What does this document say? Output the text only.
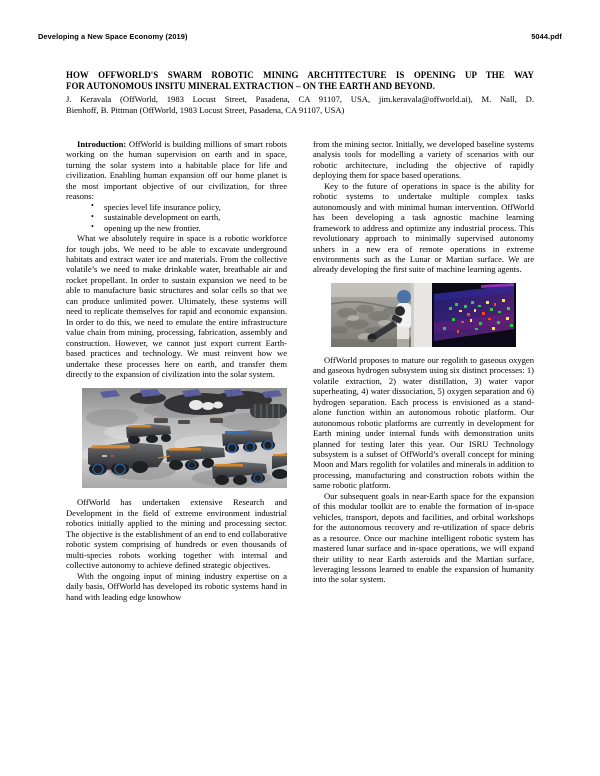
Developing a New Space Economy (2019)	5044.pdf
HOW OFFWORLD'S SWARM ROBOTIC MINING ARCHTITECTURE IS OPENING UP THE WAY
FOR AUTONOMOUS INSITU MINERAL EXTRACTION – ON THE EARTH AND BEYOND.
J. Keravala (OffWorld, 1983 Locust Street, Pasadena, CA 91107, USA, jim.keravala@offworld.ai), M. Nall, D.
Bienhoff, B. Pittman (OffWorld, 1983 Locust Street, Pasadena, CA 91107, USA)

Introduction: OffWorld is building millions of smart robots working on the human supervision on earth and in space, turning the solar system into a habitable place for life and civilization. Enabling human expansion off our home planet is the most important objective of our civilization, for three reasons:

• species level life insurance policy,
• sustainable development on earth,
• opening up the new frontier.

What we absolutely require in space is a robotic workforce for tough jobs. We need to be able to excavate underground habitats and extract water ice and materials. From the collective volatile’s we need to make drinkable water, breathable air and rocket propellant. In order to sustain expansion we need to be able to manufacture basic structures and solar cells so that we can produce unlimited power. Ultimately, these systems will need to replicate themselves for rapid and economic expansion. In order to do this, we need to emulate the entire infrastructure value chain from mining, processing, fabrication, assembly and construction. However, we cannot just export current Earth-based practices and technology. We must reinvent how we undertake these processes here on earth, and transfer them directly to the expansion of civilization into the solar system.

OffWorld has undertaken extensive Research and Development in the field of extreme environment industrial robotics initially applied to the mining and processing sector. The objective is the establishment of an end to end collaborative robotic system comprising of hundreds or even thousands of multi-species robots working together with internal and collective autonomy to achieve defined strategic objectives.

With the ongoing input of mining industry expertise on a daily basis, OffWorld has developed its robotic systems hand in hand with leading edge knowhow

from the mining sector. Initially, we developed baseline systems analysis tools for modelling a variety of scenarios with our robotic architecture, including the objective of rapidly deploying them for space based operations.

Key to the future of operations in space is the ability for robotic systems to undertake multiple complex tasks autonomously and with minimal human intervention. OffWorld has been developing a task agnostic machine learning framework to address and optimize any industrial process. This revolutionary approach to minimally supervised autonomy ushers in a new era of remote operations in extreme environments such as the Lunar or Martian surface. We are already developing the first suite of machine learning agents.

OffWorld proposes to mature our regolith to gaseous oxygen and gaseous hydrogen subsystem using six distinct processes: 1) volatile extraction, 2) water distillation, 3) water vapor superheating, 4) water dissociation, 5) oxygen separation and 6) hydrogen separation. Each process is envisioned as a stand-alone function within an autonomous robotic platform. Our autonomous robotic platforms are currently in development for Earth mining under internal funds with demonstration units planned for testing later this year. Our ISRU Technology subsystem is a subset of OffWorld’s overall concept for mining Moon and Mars regolith for volatiles and minerals in addition to processing, manufacturing and construction robots within the same robotic platform.

Our subsequent goals in near-Earth space for the expansion of this modular toolkit are to enable the formation of in-space vehicles, transport, depots and facilities, and orbital workshops for the autonomous recovery and re-utilization of space debris as a resource. Once our machine intelligent robotic system has mastered lunar surface and in-space operations, we will expand their utility to near Earth asteroids and the Martian surface, leveraging lessons learned to enable the expansion of humanity into the solar system.
